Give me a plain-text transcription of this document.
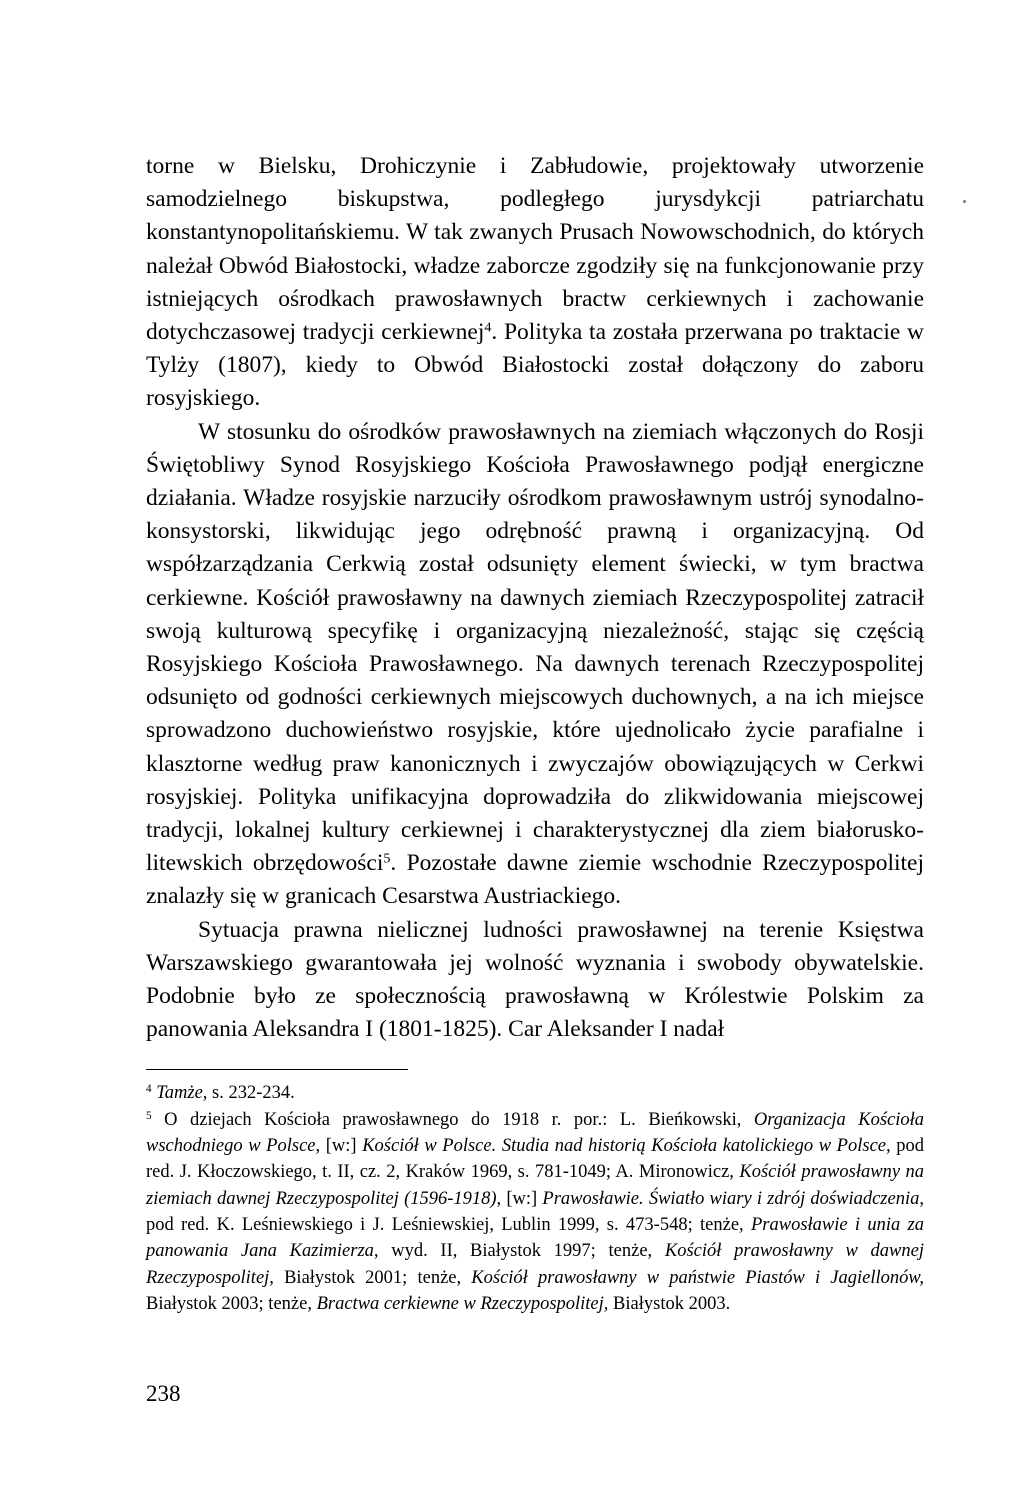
torne w Bielsku, Drohiczynie i Zabłudowie, projektowały utworzenie samodzielnego biskupstwa, podległego jurysdykcji patriarchatu konstantynopolitańskiemu. W tak zwanych Prusach Nowowschodnich, do których należał Obwód Białostocki, władze zaborcze zgodziły się na funkcjonowanie przy istniejących ośrodkach prawosławnych bractw cerkiewnych i zachowanie dotychczasowej tradycji cerkiewnej$^4$. Polityka ta została przerwana po traktacie w Tylży (1807), kiedy to Obwód Białostocki został dołączony do zaboru rosyjskiego.

W stosunku do ośrodków prawosławnych na ziemiach włączonych do Rosji Świętobliwy Synod Rosyjskiego Kościoła Prawosławnego podjął energiczne działania. Władze rosyjskie narzuciły ośrodkom prawosławnym ustrój synodalno-konsystorski, likwidując jego odrębność prawną i organizacyjną. Od współzarządzania Cerkwią został odsunięty element świecki, w tym bractwa cerkiewne. Kościół prawosławny na dawnych ziemiach Rzeczypospolitej zatracił swoją kulturową specyfikę i organizacyjną niezależność, stając się częścią Rosyjskiego Kościoła Prawosławnego. Na dawnych terenach Rzeczypospolitej odsunięto od godności cerkiewnych miejscowych duchownych, a na ich miejsce sprowadzono duchowieństwo rosyjskie, które ujednolicało życie parafialne i klasztorne według praw kanonicznych i zwyczajów obowiązujących w Cerkwi rosyjskiej. Polityka unifikacyjna doprowadziła do zlikwidowania miejscowej tradycji, lokalnej kultury cerkiewnej i charakterystycznej dla ziem białorusko-litewskich obrzędowości$^5$. Pozostałe dawne ziemie wschodnie Rzeczypospolitej znalazły się w granicach Cesarstwa Austriackiego.

Sytuacja prawna nielicznej ludności prawosławnej na terenie Księstwa Warszawskiego gwarantowała jej wolność wyznania i swobody obywatelskie. Podobnie było ze społecznością prawosławną w Królestwie Polskim za panowania Aleksandra I (1801-1825). Car Aleksander I nadał

$^4$ Tamże, s. 232-234.

$^5$ O dziejach Kościoła prawosławnego do 1918 r. por.: L. Bieńkowski, Organizacja Kościoła wschodniego w Polsce, [w:] Kościół w Polsce. Studia nad historią Kościoła katolickiego w Polsce, pod red. J. Kłoczowskiego, t. II, cz. 2, Kraków 1969, s. 781-1049; A. Mironowicz, Kościół prawosławny na ziemiach dawnej Rzeczypospolitej (1596-1918), [w:] Prawosławie. Światło wiary i zdrój doświadczenia, pod red. K. Leśniewskiego i J. Leśniewskiej, Lublin 1999, s. 473-548; tenże, Prawosławie i unia za panowania Jana Kazimierza, wyd. II, Białystok 1997; tenże, Kościół prawosławny w dawnej Rzeczypospolitej, Białystok 2001; tenże, Kościół prawosławny w państwie Piastów i Jagiellonów, Białystok 2003; tenże, Bractwa cerkiewne w Rzeczypospolitej, Białystok 2003.

238
